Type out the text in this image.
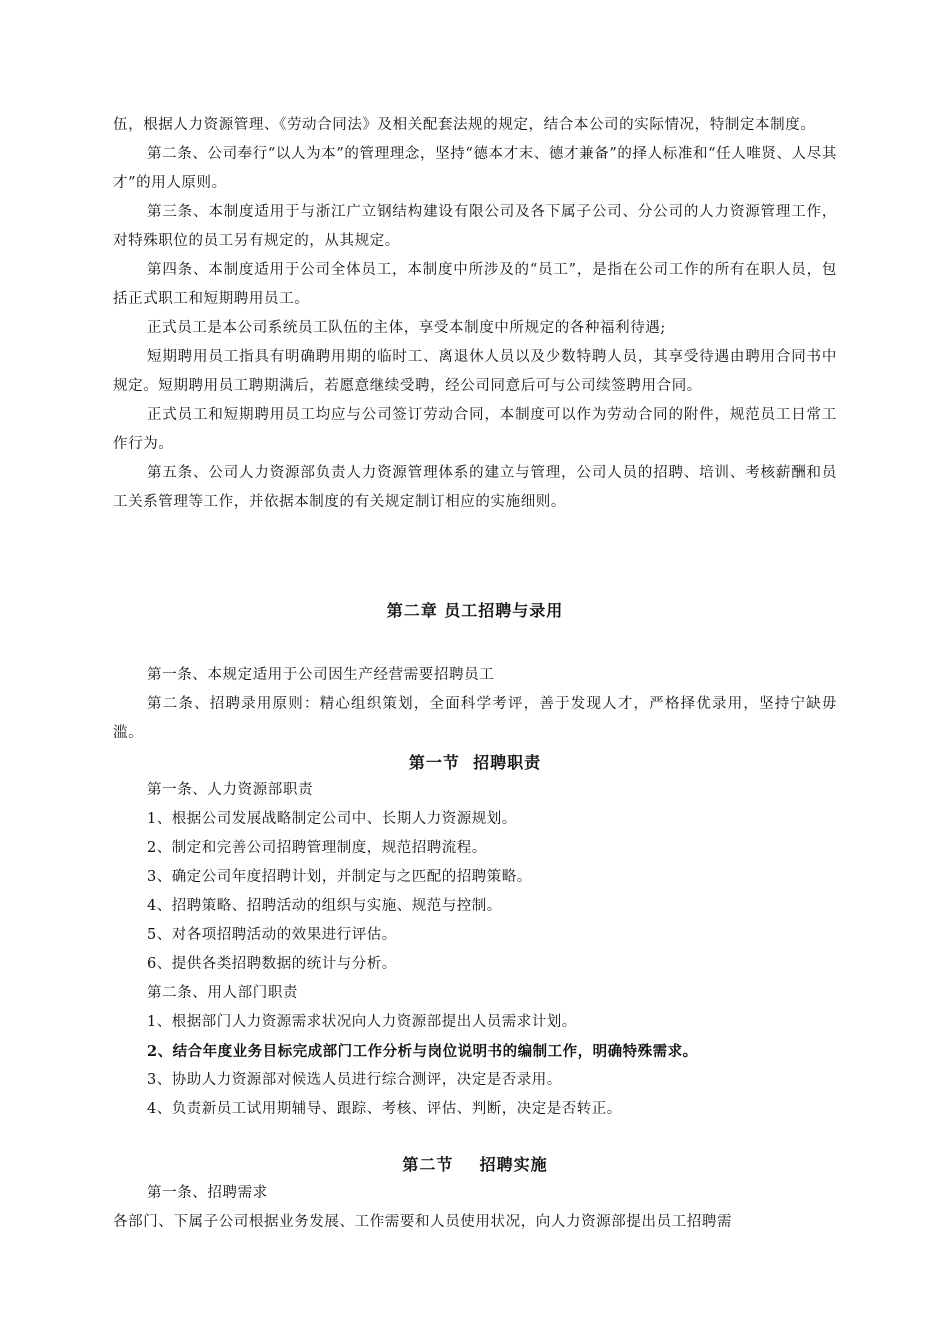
伍，根据人力资源管理、《劳动合同法》及相关配套法规的规定，结合本公司的实际情况，特制定本制度。

第二条、公司奉行“以人为本”的管理理念，坚持“德本才末、德才兼备”的择人标准和“任人唯贤、人尽其才”的用人原则。

第三条、本制度适用于与浙江广立钢结构建设有限公司及各下属子公司、分公司的人力资源管理工作，对特殊职位的员工另有规定的，从其规定。

第四条、本制度适用于公司全体员工，本制度中所涉及的“员工”，是指在公司工作的所有在职人员，包括正式职工和短期聘用员工。

正式员工是本公司系统员工队伍的主体，享受本制度中所规定的各种福利待遇;

短期聘用员工指具有明确聘用期的临时工、离退休人员以及少数特聘人员，其享受待遇由聘用合同书中规定。短期聘用员工聘期满后，若愿意继续受聘，经公司同意后可与公司续签聘用合同。

正式员工和短期聘用员工均应与公司签订劳动合同，本制度可以作为劳动合同的附件，规范员工日常工作行为。

第五条、公司人力资源部负责人力资源管理体系的建立与管理，公司人员的招聘、培训、考核薪酬和员工关系管理等工作，并依据本制度的有关规定制订相应的实施细则。

第二章 员工招聘与录用

第一条、本规定适用于公司因生产经营需要招聘员工

第二条、招聘录用原则：精心组织策划，全面科学考评，善于发现人才，严格择优录用，坚持宁缺毋滥。

第一节  招聘职责

第一条、人力资源部职责

1、根据公司发展战略制定公司中、长期人力资源规划。

2、制定和完善公司招聘管理制度，规范招聘流程。

3、确定公司年度招聘计划，并制定与之匹配的招聘策略。

4、招聘策略、招聘活动的组织与实施、规范与控制。

5、对各项招聘活动的效果进行评估。

6、提供各类招聘数据的统计与分析。

第二条、用人部门职责

1、根据部门人力资源需求状况向人力资源部提出人员需求计划。

2、结合年度业务目标完成部门工作分析与岗位说明书的编制工作，明确特殊需求。

3、协助人力资源部对候选人员进行综合测评，决定是否录用。

4、负责新员工试用期辅导、跟踪、考核、评估、判断，决定是否转正。

第二节    招聘实施

第一条、招聘需求

各部门、下属子公司根据业务发展、工作需要和人员使用状况，向人力资源部提出员工招聘需
